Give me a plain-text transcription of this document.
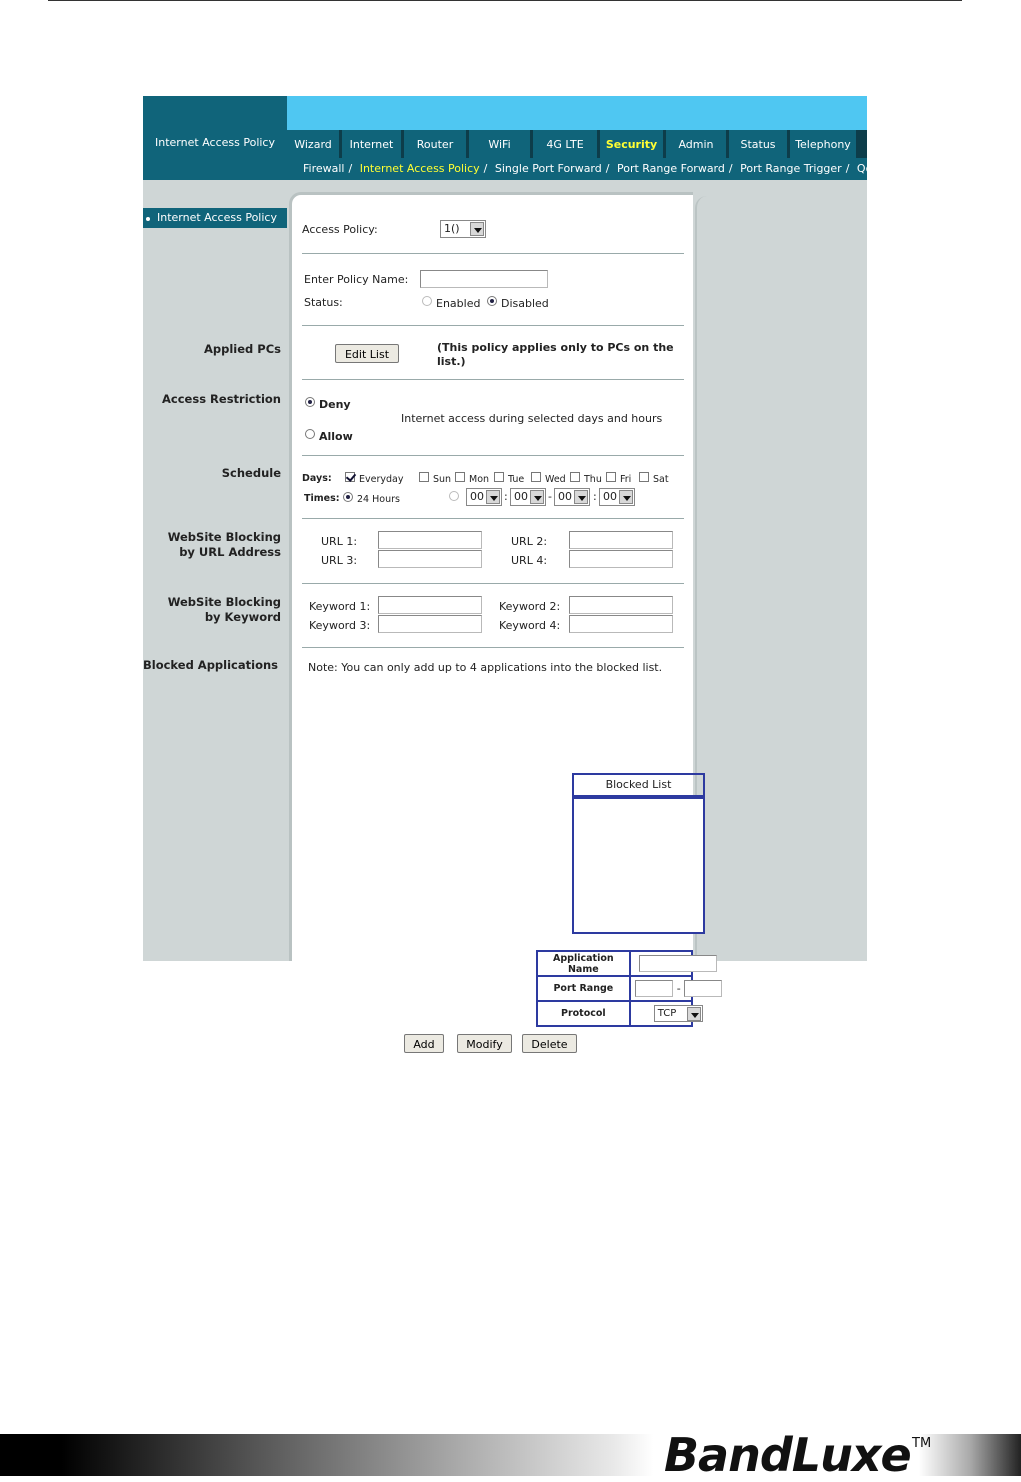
Internet Access Policy	Wizard	Internet	Router	WiFi	4G LTE	Security	Admin	Status	Telephony
Firewall / Internet Access Policy / Single Port Forward / Port Range Forward / Port Range Trigger / QoS /
Internet Access Policy
Applied PCs
Access Restriction
Schedule
WebSite Blocking
by URL Address
WebSite Blocking
by Keyword
Blocked Applications
Access Policy:	1()
Enter Policy Name:
Status:	Enabled Disabled
Edit List
(This policy applies only to PCs on the
list.)
Deny
Internet access during selected days and hours
Allow
Days:	Everyday	Sun Mon Tue Wed Thu Fri Sat
Times: 24 Hours	00	: 00	- 00	: 00
URL 1:	URL 2:
URL 3:	URL 4:
Keyword 1:	Keyword 2:
Keyword 3:	Keyword 4:
Note: You can only add up to 4 applications into the blocked list.
Blocked List
Application Name	

Port Range	-

Protocol	TCP
Add	Modify	Delete
BandLuxe TM
